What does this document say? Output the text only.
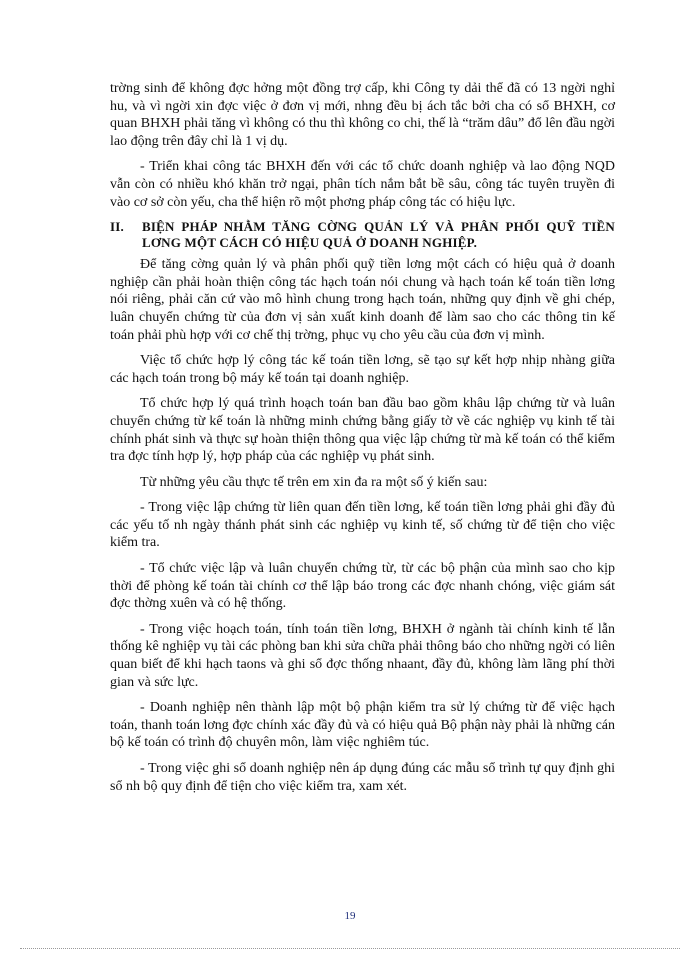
trờng sinh để không đợc hởng một đồng trợ cấp, khi Công ty dải thể đã có 13 ngời nghỉ hu, và vì ngời xin đợc việc ở đơn vị mới, nhng đều bị ách tắc bởi cha có sổ BHXH, cơ quan BHXH phải tăng vì không có thu thì không co chi, thế là “trăm dâu” đổ lên đầu ngời lao động trên đây chỉ là 1 vị dụ.

- Triển khai công tác BHXH đến với các tổ chức doanh nghiệp và lao động NQD vẫn còn có nhiều khó khăn trở ngại, phân tích nắm bắt bề sâu, công tác tuyên truyền đi vào cơ sở còn yếu, cha thể hiện rõ một phơng pháp công tác có hiệu lực.

II.	BIỆN PHÁP NHẰM TĂNG CỜNG QUẢN LÝ VÀ PHÂN PHỐI QUỸ TIỀN LƠNG MỘT CÁCH CÓ HIỆU QUẢ Ở DOANH NGHIỆP.

Để tăng cờng quản lý và phân phối quỹ tiền lơng một cách có hiệu quả ở doanh nghiệp cần phải hoàn thiện công tác hạch toán nói chung và hạch toán kế toán tiền lơng nói riêng, phải căn cứ vào mô hình chung trong hạch toán, những quy định về ghi chép, luân chuyển chứng từ của đơn vị sản xuất kinh doanh để làm sao cho các thông tin kế toán phải phù hợp với cơ chế thị trờng, phục vụ cho yêu cầu của đơn vị mình.

Việc tổ chức hợp lý công tác kế toán tiền lơng, sẽ tạo sự kết hợp nhịp nhàng giữa các hạch toán trong bộ máy kế toán tại doanh nghiệp.

Tổ chức hợp lý quá trình hoạch toán ban đầu bao gồm khâu lập chứng từ và luân chuyển chứng từ kế toán là những minh chứng bằng giấy tờ về các nghiệp vụ kinh tế tài chính phát sinh và thực sự hoàn thiện thông qua việc lập chứng từ mà kế toán có thể kiểm tra đợc tính hợp lý, hợp pháp của các nghiệp vụ phát sinh.

Từ những yêu cầu thực tế trên em xin đa ra một số ý kiến sau:

- Trong việc lập chứng từ liên quan đến tiền lơng, kế toán tiền lơng phải ghi đầy đủ các yếu tố nh ngày thánh phát sinh các nghiệp vụ kinh tế, số chứng từ để tiện cho việc kiểm tra.

- Tổ chức việc lập và luân chuyển chứng từ, từ các bộ phận của mình sao cho kịp thời để phòng kế toán tài chính cơ thể lập báo trong các đợc nhanh chóng, việc giám sát đợc thờng xuên và có hệ thống.

- Trong việc hoạch toán, tính toán tiền lơng, BHXH ở ngành tài chính kinh tế lẫn thống kê nghiệp vụ tài các phòng ban khi sửa chữa phải thông báo cho những ngời có liên quan biết để khi hạch taons và ghi sổ đợc thống nhaant, đầy đủ, không làm lãng phí thời gian và sức lực.

- Doanh nghiệp nên thành lập một bộ phận kiểm tra sử lý chứng từ để việc hạch toán, thanh toán lơng đợc chính xác đầy đủ và có hiệu quả Bộ phận này phải là những cán bộ kế toán có trình độ chuyên môn, làm việc nghiêm túc.

- Trong việc ghi sổ doanh nghiệp nên áp dụng đúng các mẫu sổ trình tự quy định ghi sổ nh bộ quy định để tiện cho việc kiểm tra, xam xét.

19
